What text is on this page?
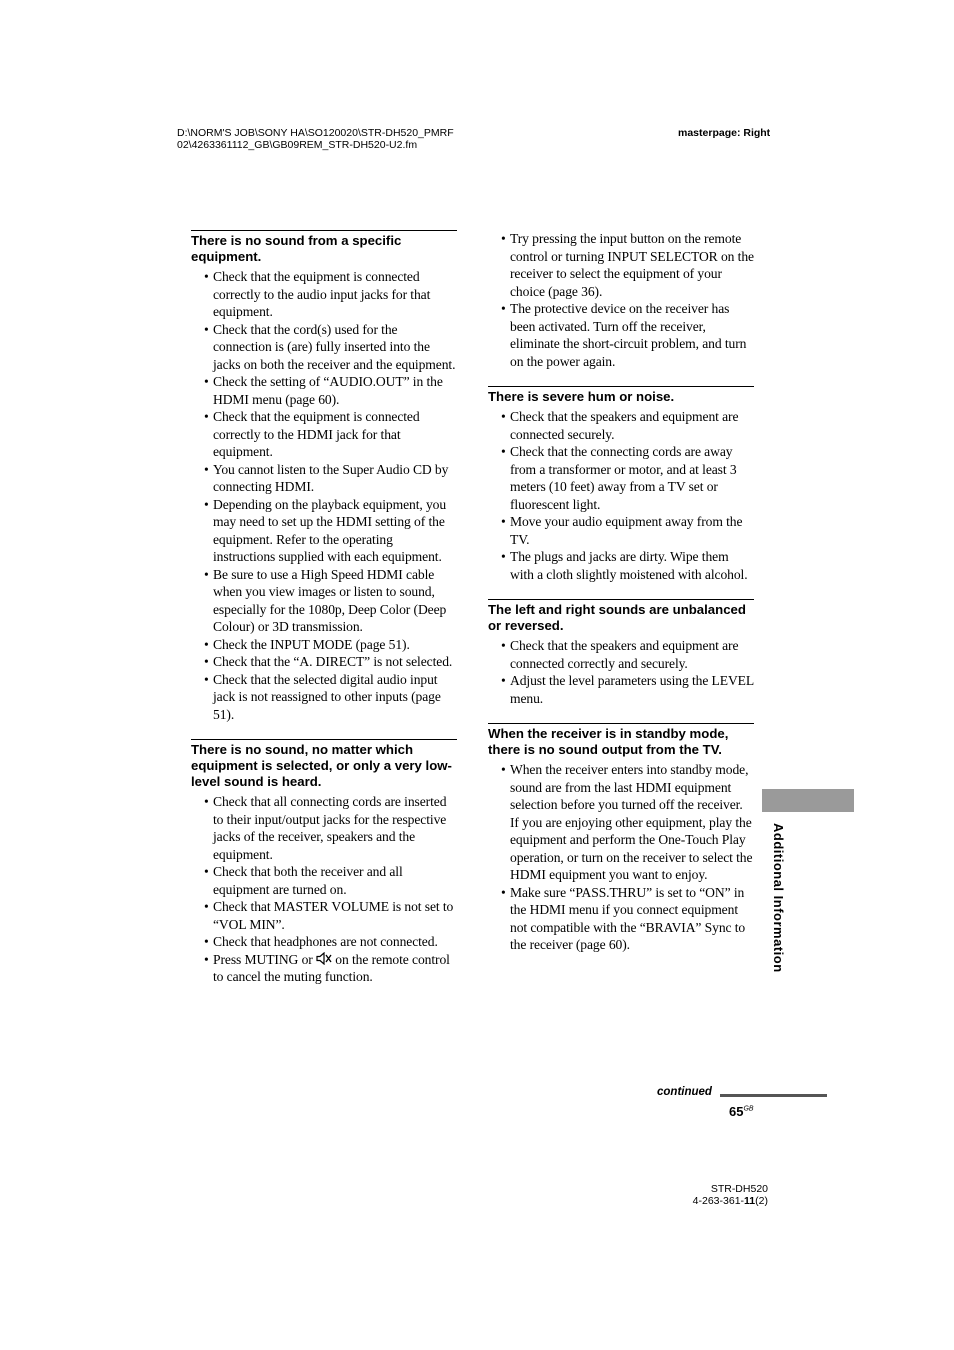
D:\NORM'S JOB\SONY HA\SO120020\STR-DH520_PMRF
02\4263361112_GB\GB09REM_STR-DH520-U2.fm
masterpage: Right
There is no sound from a specific equipment.
• Check that the equipment is connected correctly to the audio input jacks for that equipment.
• Check that the cord(s) used for the connection is (are) fully inserted into the jacks on both the receiver and the equipment.
• Check the setting of “AUDIO.OUT” in the HDMI menu (page 60).
• Check that the equipment is connected correctly to the HDMI jack for that equipment.
• You cannot listen to the Super Audio CD by connecting HDMI.
• Depending on the playback equipment, you may need to set up the HDMI setting of the equipment. Refer to the operating instructions supplied with each equipment.
• Be sure to use a High Speed HDMI cable when you view images or listen to sound, especially for the 1080p, Deep Color (Deep Colour) or 3D transmission.
• Check the INPUT MODE (page 51).
• Check that the “A. DIRECT” is not selected.
• Check that the selected digital audio input jack is not reassigned to other inputs (page 51).
There is no sound, no matter which equipment is selected, or only a very low-level sound is heard.
• Check that all connecting cords are inserted to their input/output jacks for the respective jacks of the receiver, speakers and the equipment.
• Check that both the receiver and all equipment are turned on.
• Check that MASTER VOLUME is not set to “VOL MIN”.
• Check that headphones are not connected.
• Press MUTING or  on the remote control to cancel the muting function.
• Try pressing the input button on the remote control or turning INPUT SELECTOR on the receiver to select the equipment of your choice (page 36).
• The protective device on the receiver has been activated. Turn off the receiver, eliminate the short-circuit problem, and turn on the power again.
There is severe hum or noise.
• Check that the speakers and equipment are connected securely.
• Check that the connecting cords are away from a transformer or motor, and at least 3 meters (10 feet) away from a TV set or fluorescent light.
• Move your audio equipment away from the TV.
• The plugs and jacks are dirty. Wipe them with a cloth slightly moistened with alcohol.
The left and right sounds are unbalanced or reversed.
• Check that the speakers and equipment are connected correctly and securely.
• Adjust the level parameters using the LEVEL menu.
When the receiver is in standby mode, there is no sound output from the TV.
• When the receiver enters into standby mode, sound are from the last HDMI equipment selection before you turned off the receiver. If you are enjoying other equipment, play the equipment and perform the One-Touch Play operation, or turn on the receiver to select the HDMI equipment you want to enjoy.
• Make sure “PASS.THRU” is set to “ON” in the HDMI menu if you connect equipment not compatible with the “BRAVIA” Sync to the receiver (page 60).	Additional Information
continued
$65^{GB}$
STR-DH520
4-263-361-11(2)
